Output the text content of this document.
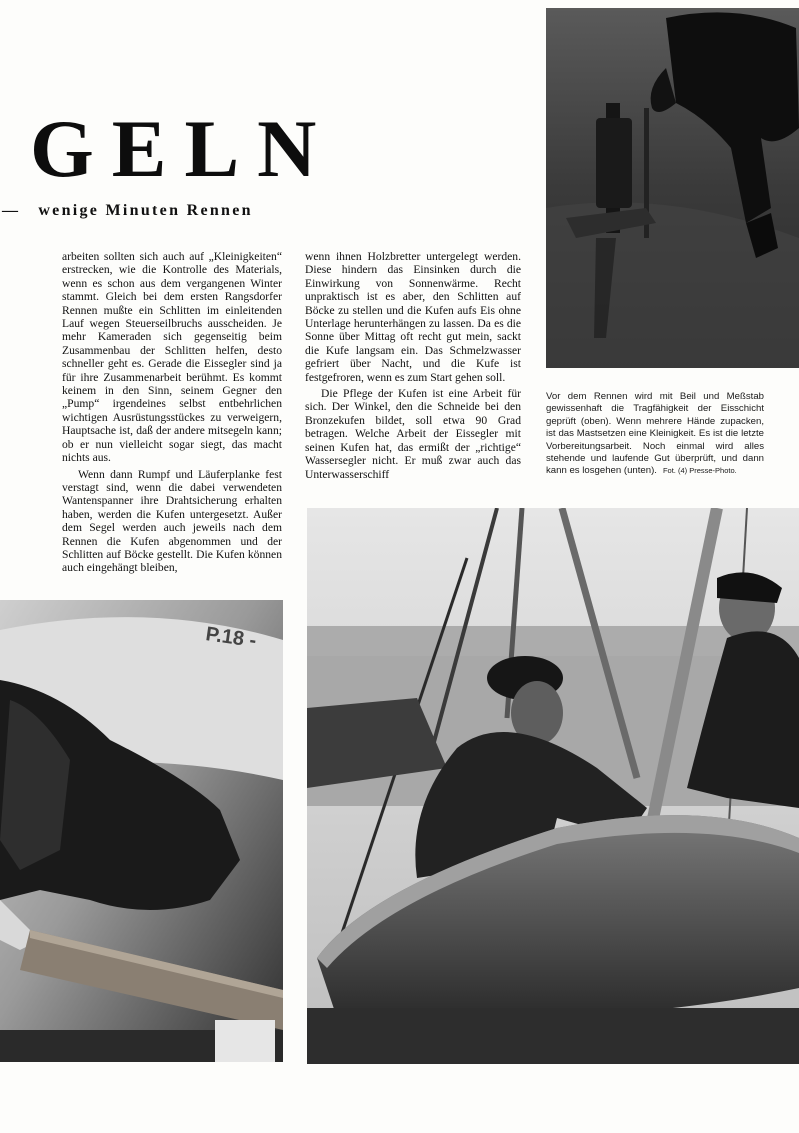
GELN
— wenige Minuten Rennen

arbeiten sollten sich auch auf „Kleinigkeiten“ erstrecken, wie die Kontrolle des Materials, wenn es schon aus dem vergangenen Winter stammt. Gleich bei dem ersten Rangsdorfer Rennen mußte ein Schlitten im einleitenden Lauf wegen Steuerseilbruchs ausscheiden. Je mehr Kameraden sich gegenseitig beim Zusammenbau der Schlitten helfen, desto schneller geht es. Gerade die Eissegler sind ja für ihre Zusammenarbeit berühmt. Es kommt keinem in den Sinn, seinem Gegner den „Pump“ irgendeines selbst entbehrlichen wichtigen Ausrüstungsstückes zu verweigern, Hauptsache ist, daß der andere mitsegeln kann; ob er nun vielleicht sogar siegt, das macht nichts aus.

Wenn dann Rumpf und Läuferplanke fest verstagt sind, wenn die dabei verwendeten Wantenspanner ihre Drahtsicherung erhalten haben, werden die Kufen untergesetzt. Außer dem Segel werden auch jeweils nach dem Rennen die Kufen abgenommen und der Schlitten auf Böcke gestellt. Die Kufen können auch eingehängt bleiben,

wenn ihnen Holzbretter untergelegt werden. Diese hindern das Einsinken durch die Einwirkung von Sonnenwärme. Recht unpraktisch ist es aber, den Schlitten auf Böcke zu stellen und die Kufen aufs Eis ohne Unterlage herunterhängen zu lassen. Da es die Sonne über Mittag oft recht gut mein, sackt die Kufe langsam ein. Das Schmelzwasser gefriert über Nacht, und die Kufe ist festgefroren, wenn es zum Start gehen soll.

Die Pflege der Kufen ist eine Arbeit für sich. Der Winkel, den die Schneide bei den Bronzekufen bildet, soll etwa 90 Grad betragen. Welche Arbeit der Eissegler mit seinen Kufen hat, das ermißt der „richtige“ Wassersegler nicht. Er muß zwar auch das Unterwasserschiff

Vor dem Rennen wird mit Beil und Meßstab gewissenhaft die Tragfähigkeit der Eisschicht geprüft (oben). Wenn mehrere Hände zupacken, ist das Mastsetzen eine Kleinigkeit. Es ist die letzte Vorbereitungsarbeit. Noch einmal wird alles stehende und laufende Gut überprüft, und dann kann es losgehen (unten). Fot. (4) Presse-Photo.
P.18 -
